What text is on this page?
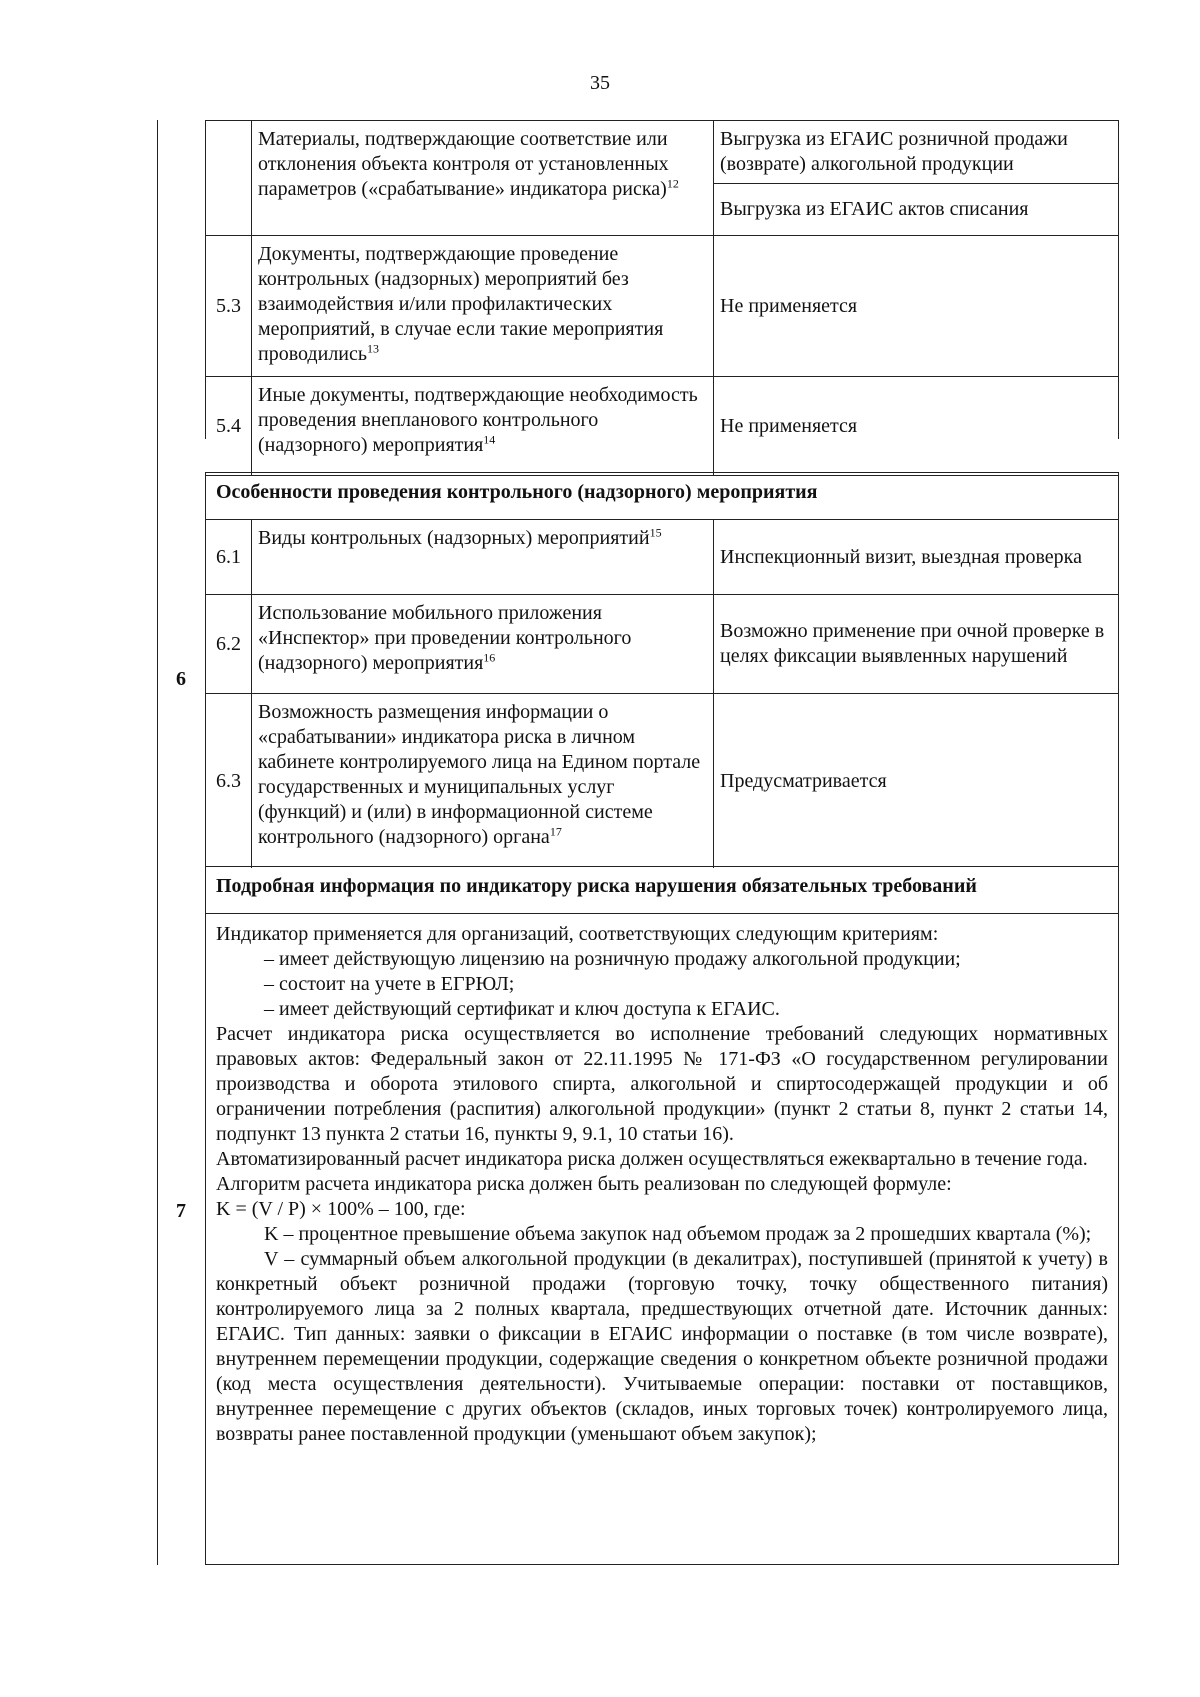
35
Материалы, подтверждающие соответствие или отклонения объекта контроля от установленных параметров («срабатывание» индикатора риска)$^{12}$
Выгрузка из ЕГАИС розничной продажи (возврате) алкогольной продукции
Выгрузка из ЕГАИС актов списания
5.3
Документы, подтверждающие проведение контрольных (надзорных) мероприятий без взаимодействия и/или профилактических мероприятий, в случае если такие мероприятия проводились$^{13}$
Не применяется
5.4
Иные документы, подтверждающие необходимость проведения внепланового контрольного (надзорного) мероприятия$^{14}$
Не применяется
6
Особенности проведения контрольного (надзорного) мероприятия
6.1
Виды контрольных (надзорных) мероприятий$^{15}$
Инспекционный визит, выездная проверка
6.2
Использование мобильного приложения «Инспектор» при проведении контрольного (надзорного) мероприятия$^{16}$
Возможно применение при очной проверке в целях фиксации выявленных нарушений
6.3
Возможность размещения информации о «срабатывании» индикатора риска в личном кабинете контролируемого лица на Едином портале государственных и муниципальных услуг (функций) и (или) в информационной системе контрольного (надзорного) органа$^{17}$
Предусматривается
7
Подробная информация по индикатору риска нарушения обязательных требований

Индикатор применяется для организаций, соответствующих следующим критериям:

– имеет действующую лицензию на розничную продажу алкогольной продукции;

– состоит на учете в ЕГРЮЛ;

– имеет действующий сертификат и ключ доступа к ЕГАИС.

Расчет индикатора риска осуществляется во исполнение требований следующих нормативных правовых актов: Федеральный закон от 22.11.1995 № 171-ФЗ «О государственном регулировании производства и оборота этилового спирта, алкогольной и спиртосодержащей продукции и об ограничении потребления (распития) алкогольной продукции» (пункт 2 статьи 8, пункт 2 статьи 14, подпункт 13 пункта 2 статьи 16, пункты 9, 9.1, 10 статьи 16).

Автоматизированный расчет индикатора риска должен осуществляться ежеквартально в течение года.

Алгоритм расчета индикатора риска должен быть реализован по следующей формуле:

K = (V / P) × 100% – 100, где:

K – процентное превышение объема закупок над объемом продаж за 2 прошедших квартала (%);

V – суммарный объем алкогольной продукции (в декалитрах), поступившей (принятой к учету) в конкретный объект розничной продажи (торговую точку, точку общественного питания) контролируемого лица за 2 полных квартала, предшествующих отчетной дате. Источник данных: ЕГАИС. Тип данных: заявки о фиксации в ЕГАИС информации о поставке (в том числе возврате), внутреннем перемещении продукции, содержащие сведения о конкретном объекте розничной продажи (код места осуществления деятельности). Учитываемые операции: поставки от поставщиков, внутреннее перемещение с других объектов (складов, иных торговых точек) контролируемого лица, возвраты ранее поставленной продукции (уменьшают объем закупок);
